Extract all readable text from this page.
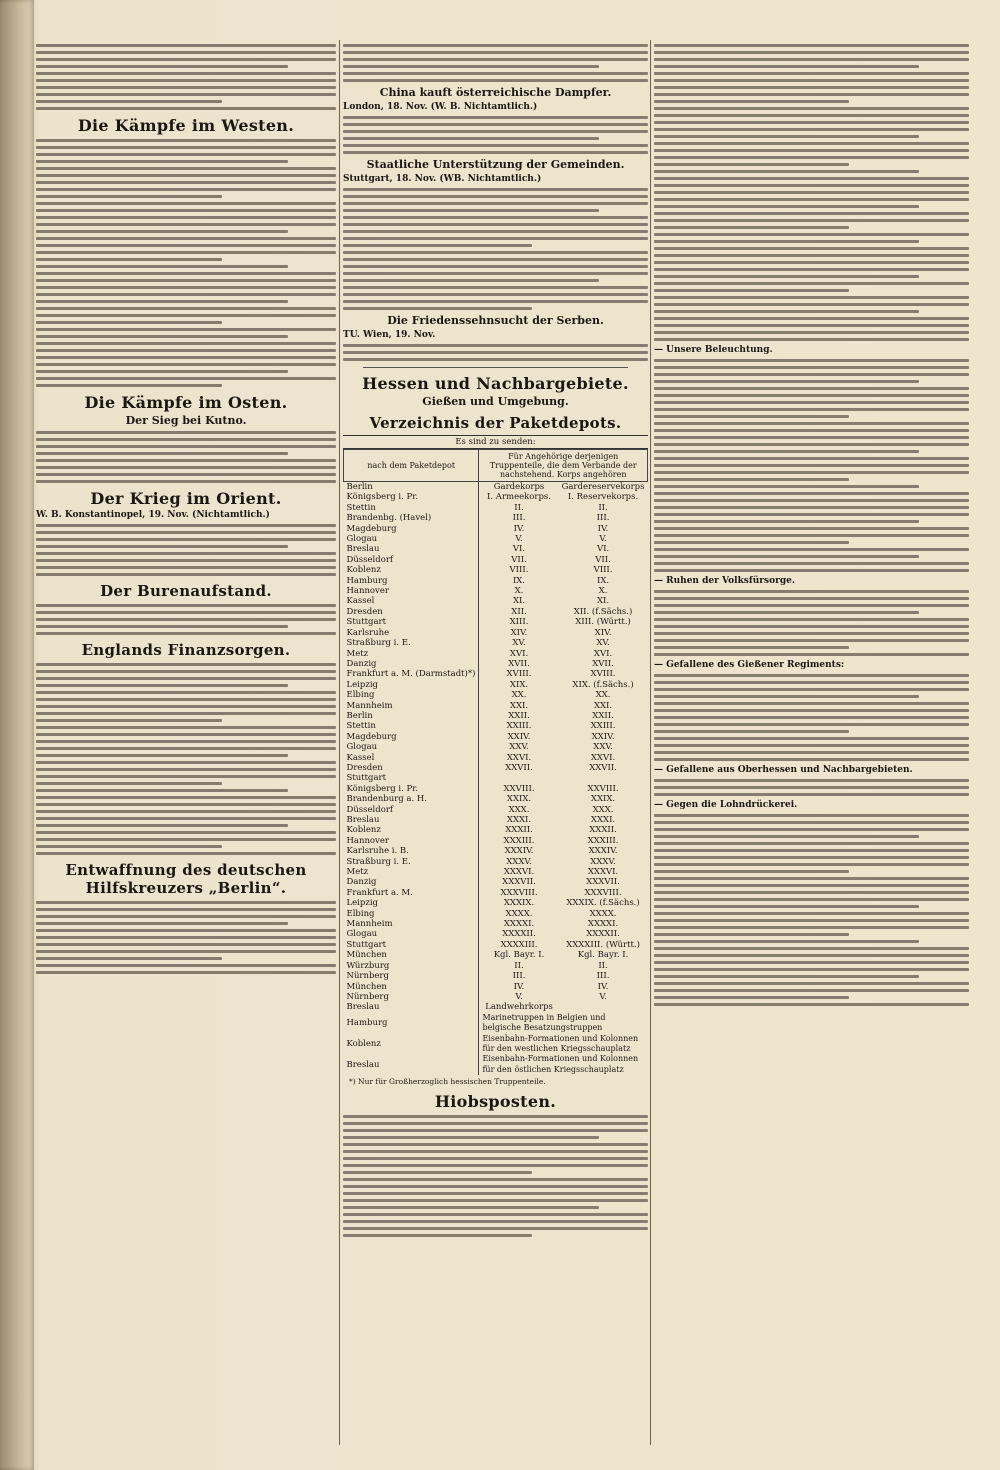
Die Kämpfe im Westen.
Die Kämpfe im Osten.
Der Sieg bei Kutno.
Der Krieg im Orient.
W. B. Konstantinopel, 19. Nov. (Nichtamtlich.)
Der Burenaufstand.
Englands Finanzsorgen.
Entwaffnung des deutschen Hilfskreuzers „Berlin“.
China kauft österreichische Dampfer.
London, 18. Nov. (W. B. Nichtamtlich.)
Staatliche Unterstützung der Gemeinden.
Stuttgart, 18. Nov. (WB. Nichtamtlich.)
Die Friedenssehnsucht der Serben.
TU. Wien, 19. Nov.
Hessen und Nachbargebiete.
Gießen und Umgebung.
Verzeichnis der Paketdepots.
Es sind zu senden:
nach dem Paketdepot	Für Angehörige derjenigen Truppenteile, die dem Verbande der nachstehend. Korps angehören	
Berlin	Gardekorps	Gardereservekorps
Königsberg i. Pr.	I. Armeekorps.	I. Reservekorps.
Stettin	II.	II.
Brandenbg. (Havel)	III.	III.
Magdeburg	IV.	IV.
Glogau	V.	V.
Breslau	VI.	VI.
Düsseldorf	VII.	VII.
Koblenz	VIII.	VIII.
Hamburg	IX.	IX.
Hannover	X.	X.
Kassel	XI.	XI.
Dresden	XII.	XII. (f.Sächs.)
Stuttgart	XIII.	XIII. (Württ.)
Karlsruhe	XIV.	XIV.
Straßburg i. E.	XV.	XV.
Metz	XVI.	XVI.
Danzig	XVII.	XVII.
Frankfurt a. M. (Darmstadt)*)	XVIII.	XVIII.
Leipzig	XIX.	XIX. (f.Sächs.)
Elbing	XX.	XX.
Mannheim	XXI.	XXI.
Berlin	XXII.	XXII.
Stettin	XXIII.	XXIII.
Magdeburg	XXIV.	XXIV.
Glogau	XXV.	XXV.
Kassel	XXVI.	XXVI.
Dresden	XXVII.	XXVII.
Stuttgart		
Königsberg i. Pr.	XXVIII.	XXVIII.
Brandenburg a. H.	XXIX.	XXIX.
Düsseldorf	XXX.	XXX.
Breslau	XXXI.	XXXI.
Koblenz	XXXII.	XXXII.
Hannover	XXXIII.	XXXIII.
Karlsruhe i. B.	XXXIV.	XXXIV.
Straßburg i. E.	XXXV.	XXXV.
Metz	XXXVI.	XXXVI.
Danzig	XXXVII.	XXXVII.
Frankfurt a. M.	XXXVIII.	XXXVIII.
Leipzig	XXXIX.	XXXIX. (f.Sächs.)
Elbing	XXXX.	XXXX.
Mannheim	XXXXI.	XXXXI.
Glogau	XXXXII.	XXXXII.
Stuttgart	XXXXIII.	XXXXIII. (Württ.)
München	Kgl. Bayr. I.	Kgl. Bayr. I.
Würzburg	II.	II.
Nürnberg	III.	III.
München	IV.	IV.
Nürnberg	V.	V.
Breslau	Landwehrkorps	
Hamburg	Marinetruppen in Belgien und belgische Besatzungstruppen	
Koblenz	Eisenbahn-Formationen und Kolonnen für den westlichen Kriegsschauplatz	
Breslau	Eisenbahn-Formationen und Kolonnen für den östlichen Kriegsschauplatz	
*) Nur für Großherzoglich hessischen Truppenteile.
Hiobsposten.
— Unsere Beleuchtung.
— Ruhen der Volksfürsorge.
— Gefallene des Gießener Regiments:
— Gefallene aus Oberhessen und Nachbargebieten.
— Gegen die Lohndrückerei.
